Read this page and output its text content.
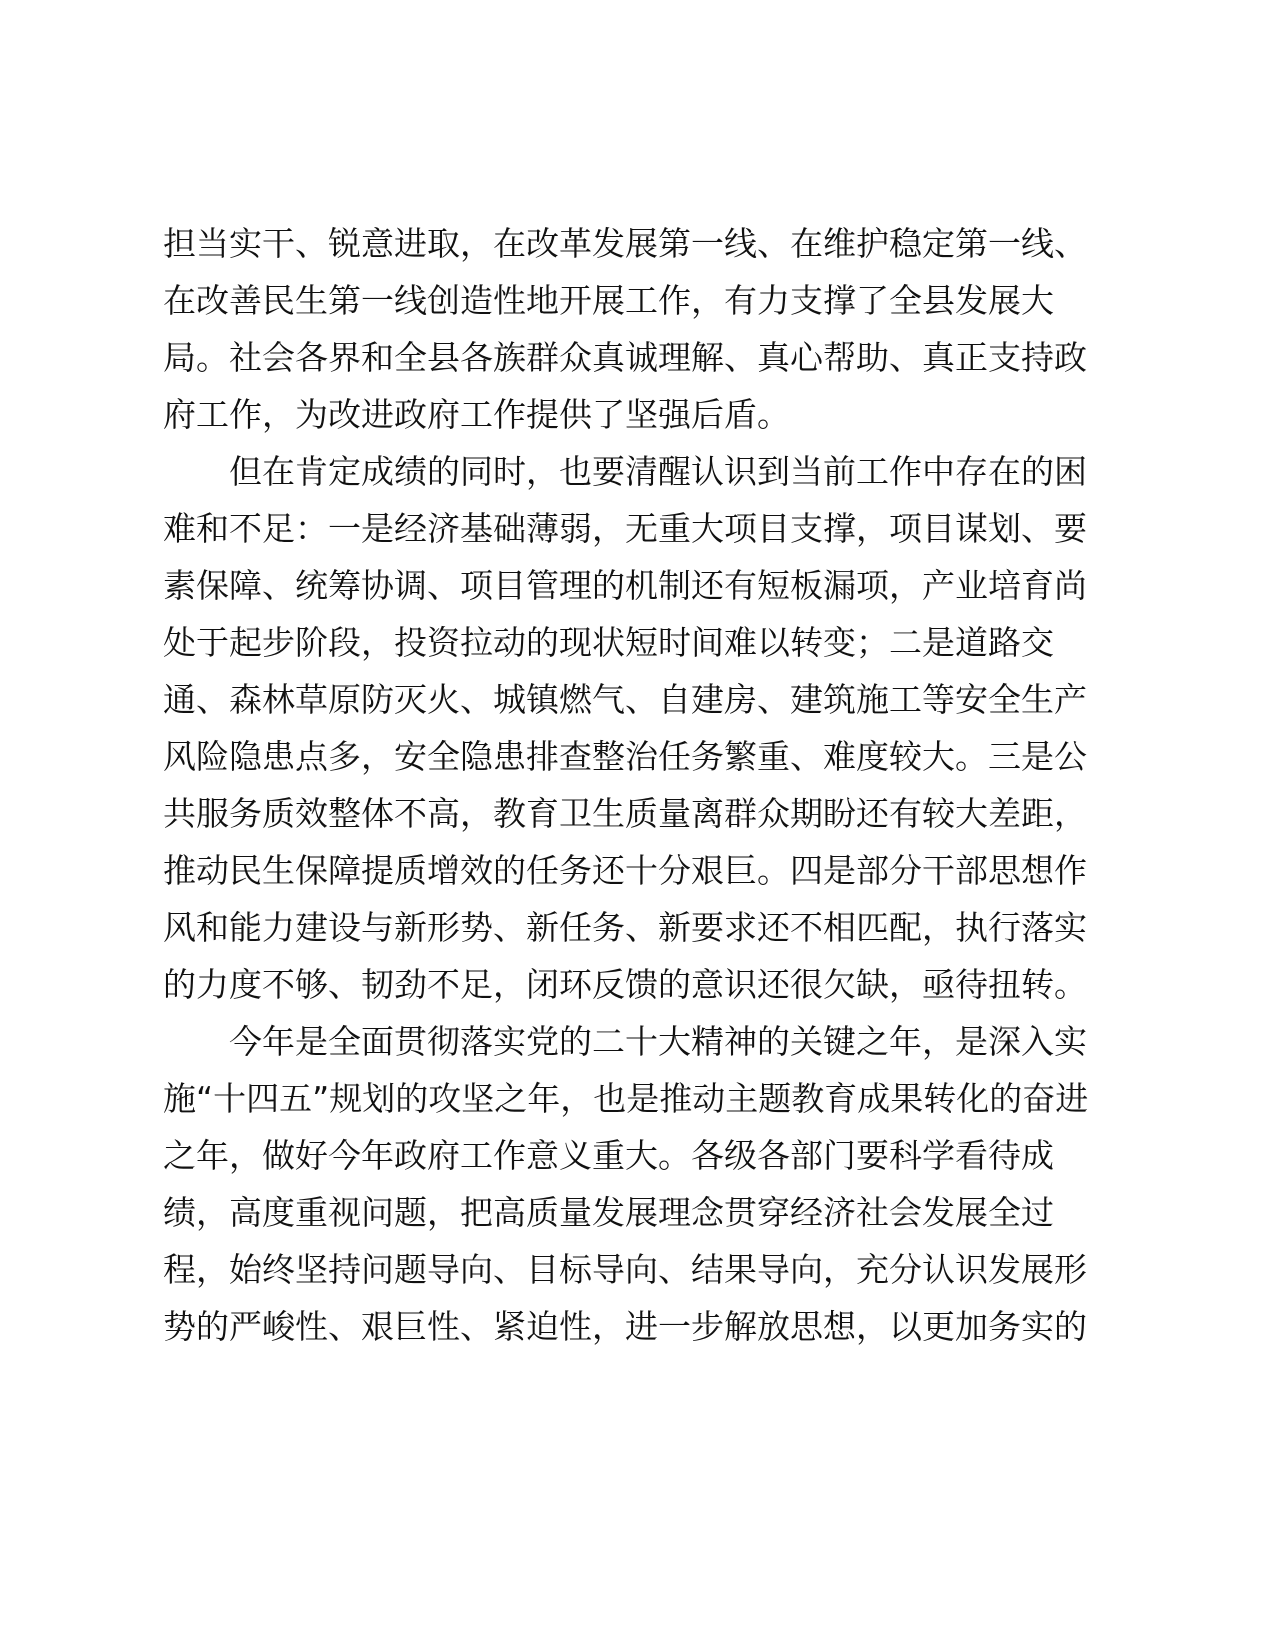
担当实干、锐意进取，在改革发展第一线、在维护稳定第一线、
在改善民生第一线创造性地开展工作，有力支撑了全县发展大
局。社会各界和全县各族群众真诚理解、真心帮助、真正支持政
府工作，为改进政府工作提供了坚强后盾。
但在肯定成绩的同时，也要清醒认识到当前工作中存在的困
难和不足：一是经济基础薄弱，无重大项目支撑，项目谋划、要
素保障、统筹协调、项目管理的机制还有短板漏项，产业培育尚
处于起步阶段，投资拉动的现状短时间难以转变；二是道路交
通、森林草原防灭火、城镇燃气、自建房、建筑施工等安全生产
风险隐患点多，安全隐患排查整治任务繁重、难度较大。三是公
共服务质效整体不高，教育卫生质量离群众期盼还有较大差距，
推动民生保障提质增效的任务还十分艰巨。四是部分干部思想作
风和能力建设与新形势、新任务、新要求还不相匹配，执行落实
的力度不够、韧劲不足，闭环反馈的意识还很欠缺，亟待扭转。
今年是全面贯彻落实党的二十大精神的关键之年，是深入实
施“十四五”规划的攻坚之年，也是推动主题教育成果转化的奋进
之年，做好今年政府工作意义重大。各级各部门要科学看待成
绩，高度重视问题，把高质量发展理念贯穿经济社会发展全过
程，始终坚持问题导向、目标导向、结果导向，充分认识发展形
势的严峻性、艰巨性、紧迫性，进一步解放思想，以更加务实的
